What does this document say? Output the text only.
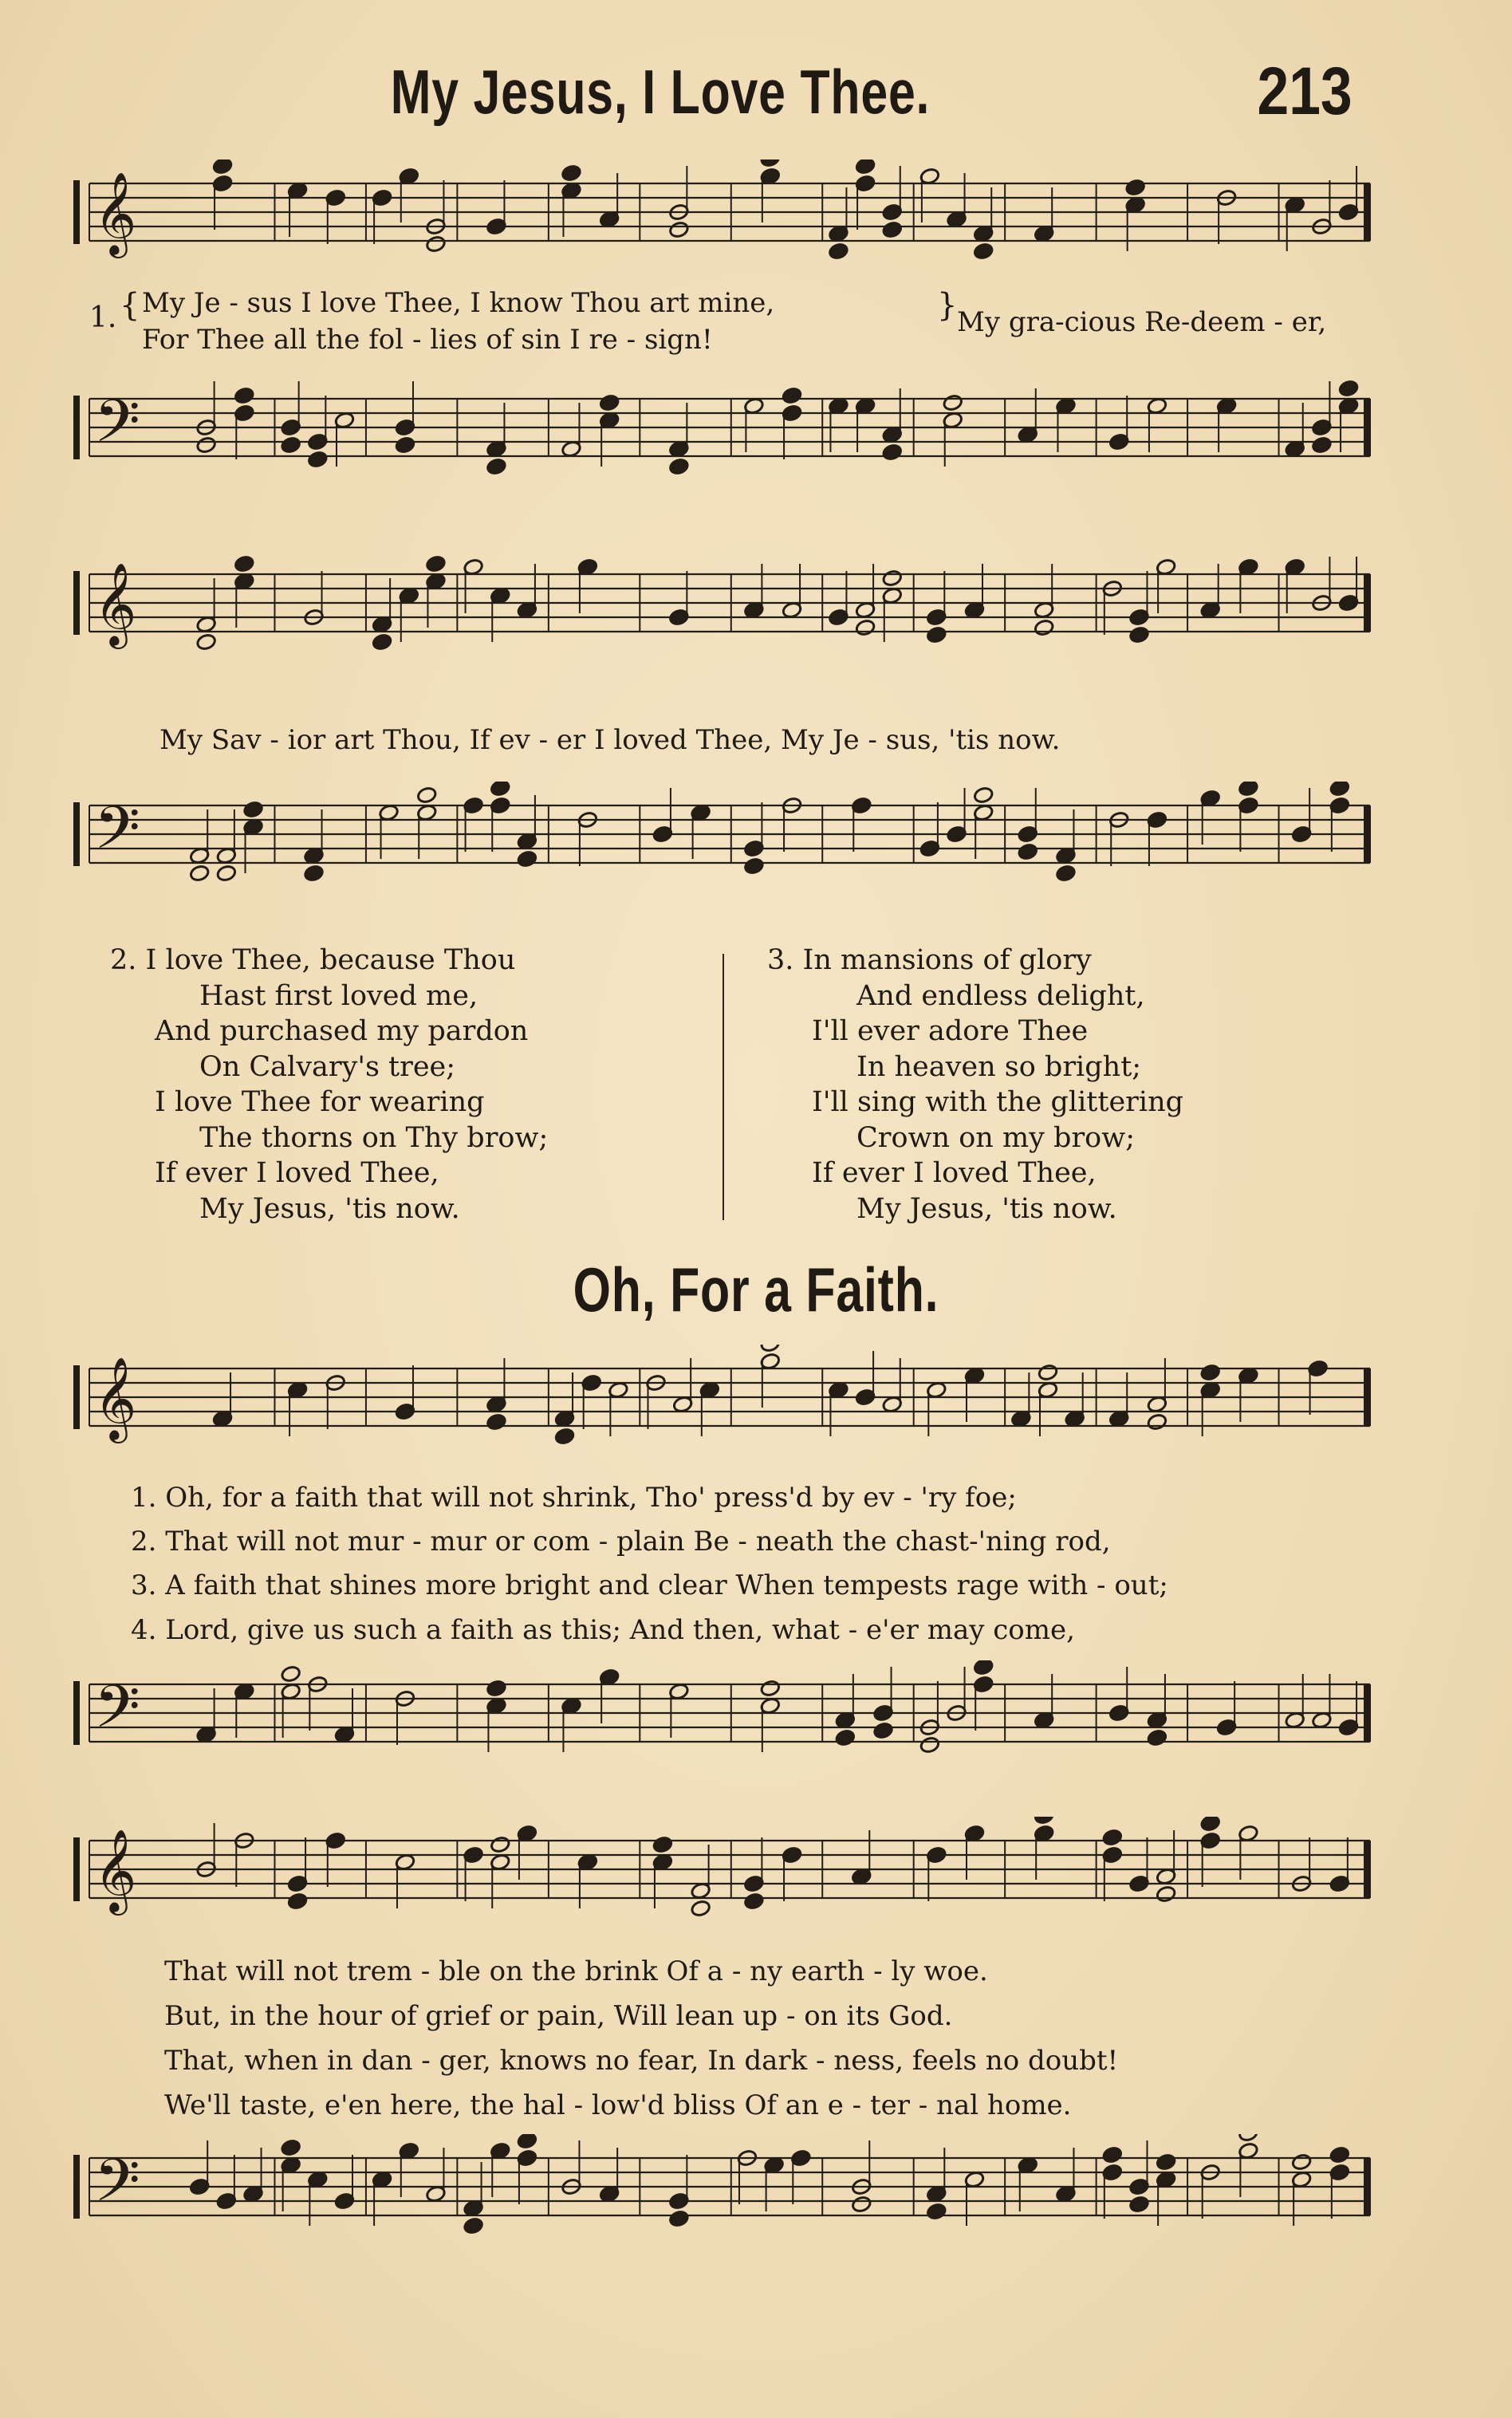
My Jesus, I Love Thee.	213
𝄞
1. { My Je - sus I love Thee, I know Thou art mine,
For Thee all the fol - lies of sin I re - sign!
} My gra-cious Re-deem - er,
𝄢
𝄞
My Sav - ior art Thou, If ev - er I loved Thee, My Je - sus, 'tis now.
𝄢
2. I love Thee, because Thou
Hast first loved me,
And purchased my pardon
On Calvary's tree;
I love Thee for wearing
The thorns on Thy brow;
If ever I loved Thee,
My Jesus, 'tis now.
3. In mansions of glory
And endless delight,
I'll ever adore Thee
In heaven so bright;
I'll sing with the glittering
Crown on my brow;
If ever I loved Thee,
My Jesus, 'tis now.
Oh, For a Faith.
𝄞
1. Oh, for a faith that will not shrink, Tho' press'd by ev - 'ry foe;
2. That will not mur - mur or com - plain Be - neath the chast-'ning rod,
3. A faith that shines more bright and clear When tempests rage with - out;
4. Lord, give us such a faith as this; And then, what - e'er may come,
𝄢
𝄞
That will not trem - ble on the brink Of a - ny earth - ly woe.
But, in the hour of grief or pain, Will lean up - on its God.
That, when in dan - ger, knows no fear, In dark - ness, feels no doubt!
We'll taste, e'en here, the hal - low'd bliss Of an e - ter - nal home.
𝄢
